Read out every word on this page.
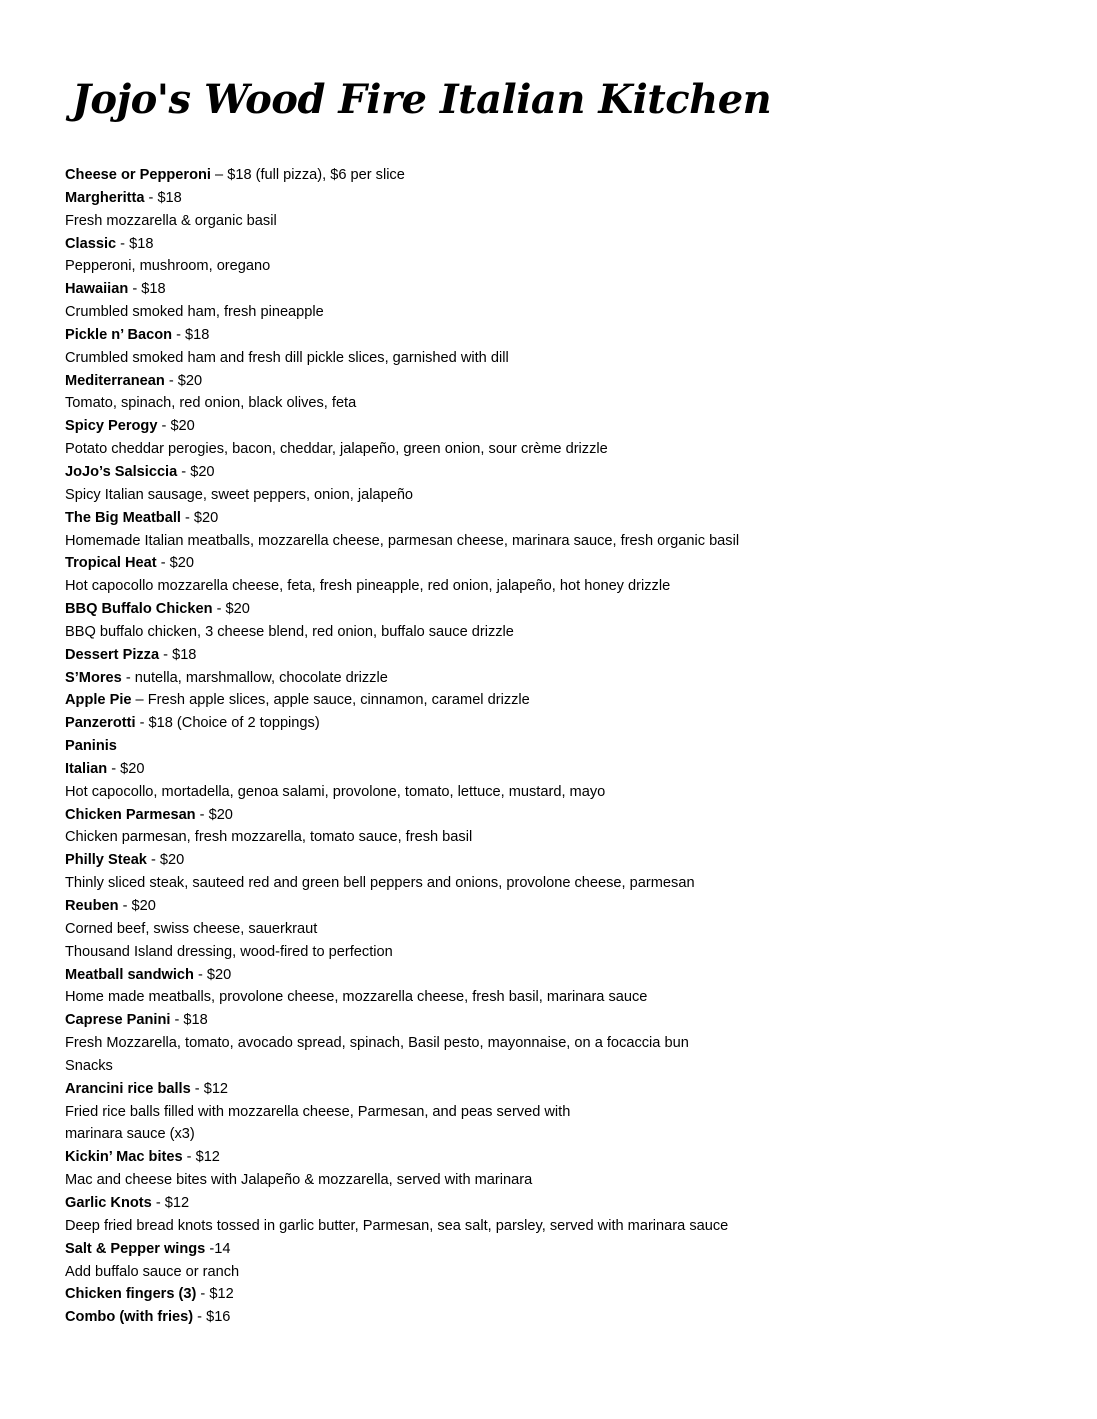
Jojo's Wood Fire Italian Kitchen
Cheese or Pepperoni – $18 (full pizza), $6 per slice
Margheritta - $18
Fresh mozzarella & organic basil
Classic - $18
Pepperoni, mushroom, oregano
Hawaiian - $18
Crumbled smoked ham, fresh pineapple
Pickle n’ Bacon - $18
Crumbled smoked ham and fresh dill pickle slices, garnished with dill
Mediterranean - $20
Tomato, spinach, red onion, black olives, feta
Spicy Perogy - $20
Potato cheddar perogies, bacon, cheddar, jalapeño, green onion, sour crème drizzle
JoJo’s Salsiccia - $20
Spicy Italian sausage, sweet peppers, onion, jalapeño
The Big Meatball - $20
Homemade Italian meatballs, mozzarella cheese, parmesan cheese, marinara sauce, fresh organic basil
Tropical Heat - $20
Hot capocollo mozzarella cheese, feta, fresh pineapple, red onion, jalapeño, hot honey drizzle
BBQ Buffalo Chicken - $20
BBQ buffalo chicken, 3 cheese blend, red onion, buffalo sauce drizzle
Dessert Pizza - $18
S’Mores - nutella, marshmallow, chocolate drizzle
Apple Pie – Fresh apple slices, apple sauce, cinnamon, caramel drizzle
Panzerotti - $18 (Choice of 2 toppings)
Paninis
Italian - $20
Hot capocollo, mortadella, genoa salami, provolone, tomato, lettuce, mustard, mayo
Chicken Parmesan - $20
Chicken parmesan, fresh mozzarella, tomato sauce, fresh basil
Philly Steak - $20
Thinly sliced steak, sauteed red and green bell peppers and onions, provolone cheese, parmesan
Reuben - $20
Corned beef, swiss cheese, sauerkraut
Thousand Island dressing, wood-fired to perfection
Meatball sandwich - $20
Home made meatballs, provolone cheese, mozzarella cheese, fresh basil, marinara sauce
Caprese Panini - $18
Fresh Mozzarella, tomato, avocado spread, spinach, Basil pesto, mayonnaise, on a focaccia bun
Snacks
Arancini rice balls - $12
Fried rice balls filled with mozzarella cheese, Parmesan, and peas served with
marinara sauce (x3)
Kickin’ Mac bites - $12
Mac and cheese bites with Jalapeño & mozzarella, served with marinara
Garlic Knots - $12
Deep fried bread knots tossed in garlic butter, Parmesan, sea salt, parsley, served with marinara sauce
Salt & Pepper wings -14
Add buffalo sauce or ranch
Chicken fingers (3) - $12
Combo (with fries) - $16
